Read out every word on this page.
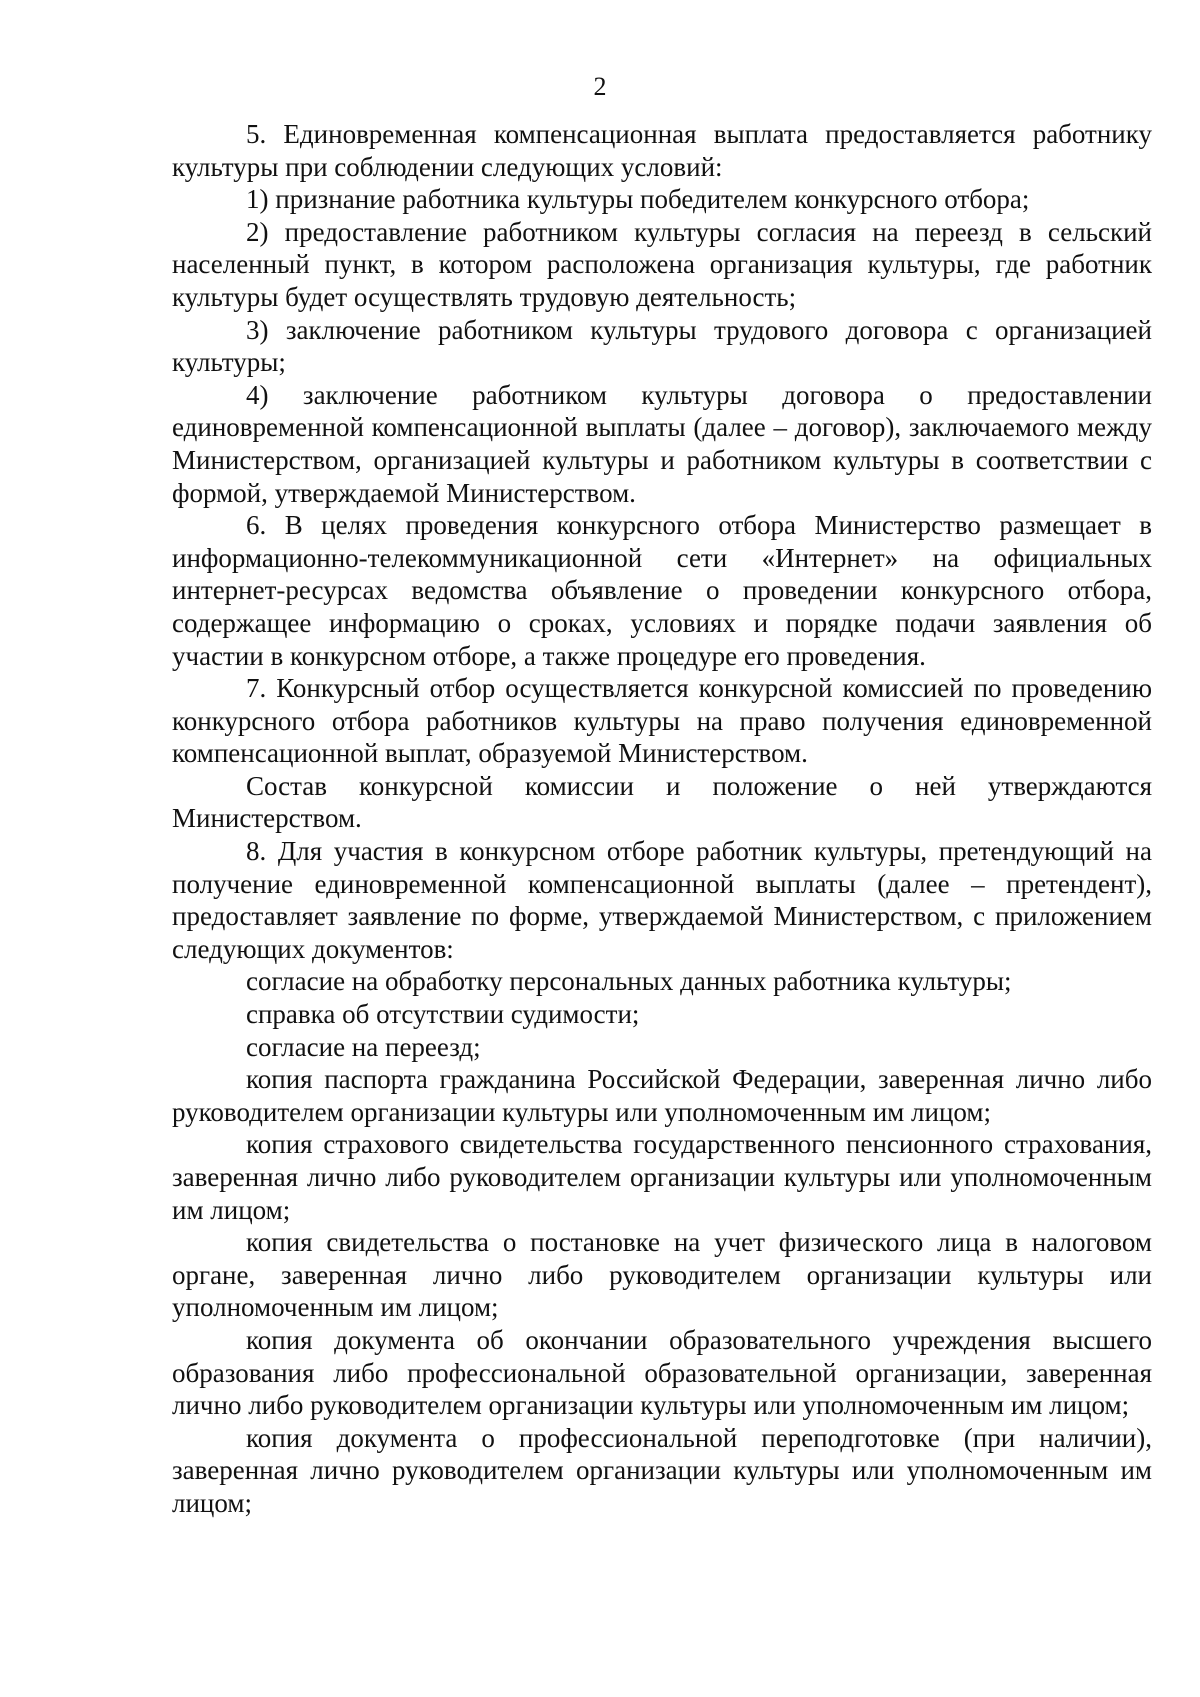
2

5. Единовременная компенсационная выплата предоставляется работнику культуры при соблюдении следующих условий:

1) признание работника культуры победителем конкурсного отбора;

2) предоставление работником культуры согласия на переезд в сельский населенный пункт, в котором расположена организация культуры, где работник культуры будет осуществлять трудовую деятельность;

3) заключение работником культуры трудового договора с организацией культуры;

4) заключение работником культуры договора о предоставлении единовременной компенсационной выплаты (далее – договор), заключаемого между Министерством, организацией культуры и работником культуры в соответствии с формой, утверждаемой Министерством.

6. В целях проведения конкурсного отбора Министерство размещает в информационно-телекоммуникационной сети «Интернет» на официальных интернет-ресурсах ведомства объявление о проведении конкурсного отбора, содержащее информацию о сроках, условиях и порядке подачи заявления об участии в конкурсном отборе, а также процедуре его проведения.

7. Конкурсный отбор осуществляется конкурсной комиссией по проведению конкурсного отбора работников культуры на право получения единовременной компенсационной выплат, образуемой Министерством.

Состав конкурсной комиссии и положение о ней утверждаются Министерством.

8. Для участия в конкурсном отборе работник культуры, претендующий на получение единовременной компенсационной выплаты (далее – претендент), предоставляет заявление по форме, утверждаемой Министерством, с приложением следующих документов:

согласие на обработку персональных данных работника культуры;

справка об отсутствии судимости;

согласие на переезд;

копия паспорта гражданина Российской Федерации, заверенная лично либо руководителем организации культуры или уполномоченным им лицом;

копия страхового свидетельства государственного пенсионного страхования, заверенная лично либо руководителем организации культуры или уполномоченным им лицом;

копия свидетельства о постановке на учет физического лица в налоговом органе, заверенная лично либо руководителем организации культуры или уполномоченным им лицом;

копия документа об окончании образовательного учреждения высшего образования либо профессиональной образовательной организации, заверенная лично либо руководителем организации культуры или уполномоченным им лицом;

копия документа о профессиональной переподготовке (при наличии), заверенная лично руководителем организации культуры или уполномоченным им лицом;
